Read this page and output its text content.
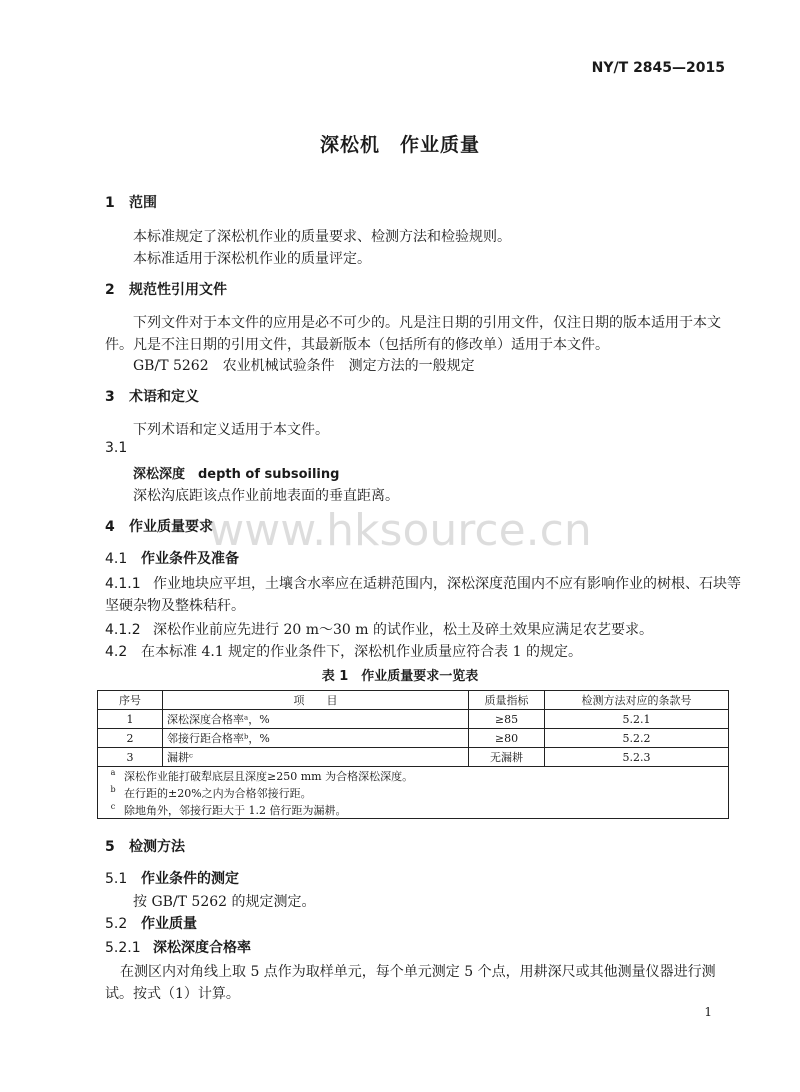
NY/T 2845—2015
深松机　作业质量
1 范围
本标准规定了深松机作业的质量要求、检测方法和检验规则。
本标准适用于深松机作业的质量评定。
2 规范性引用文件
下列文件对于本文件的应用是必不可少的。凡是注日期的引用文件，仅注日期的版本适用于本文
件。凡是不注日期的引用文件，其最新版本（包括所有的修改单）适用于本文件。
GB/T 5262　农业机械试验条件　测定方法的一般规定
3 术语和定义
下列术语和定义适用于本文件。
3.1
深松深度　depth of subsoiling
深松沟底距该点作业前地表面的垂直距离。
www.hksource.cn
4 作业质量要求
4.1 作业条件及准备
4.1.1 作业地块应平坦，土壤含水率应在适耕范围内，深松深度范围内不应有影响作业的树根、石块等
坚硬杂物及整株秸秆。
4.1.2 深松作业前应先进行 20 m～30 m 的试作业，松土及碎土效果应满足农艺要求。
4.2 在本标准 4.1 规定的作业条件下，深松机作业质量应符合表 1 的规定。
表 1　作业质量要求一览表
序号	项　　目	质量指标	检测方法对应的条款号
1	深松深度合格率ᵃ，%	≥85	5.2.1
2	邻接行距合格率ᵇ，%	≥80	5.2.2
3	漏耕ᶜ	无漏耕	5.2.3
a 深松作业能打破犁底层且深度≥250 mm 为合格深松深度。			
b 在行距的±20%之内为合格邻接行距。			
c 除地角外，邻接行距大于 1.2 倍行距为漏耕。			
5 检测方法
5.1 作业条件的测定
按 GB/T 5262 的规定测定。
5.2 作业质量
5.2.1 深松深度合格率
在测区内对角线上取 5 点作为取样单元，每个单元测定 5 个点，用耕深尺或其他测量仪器进行测
试。按式（1）计算。
1
